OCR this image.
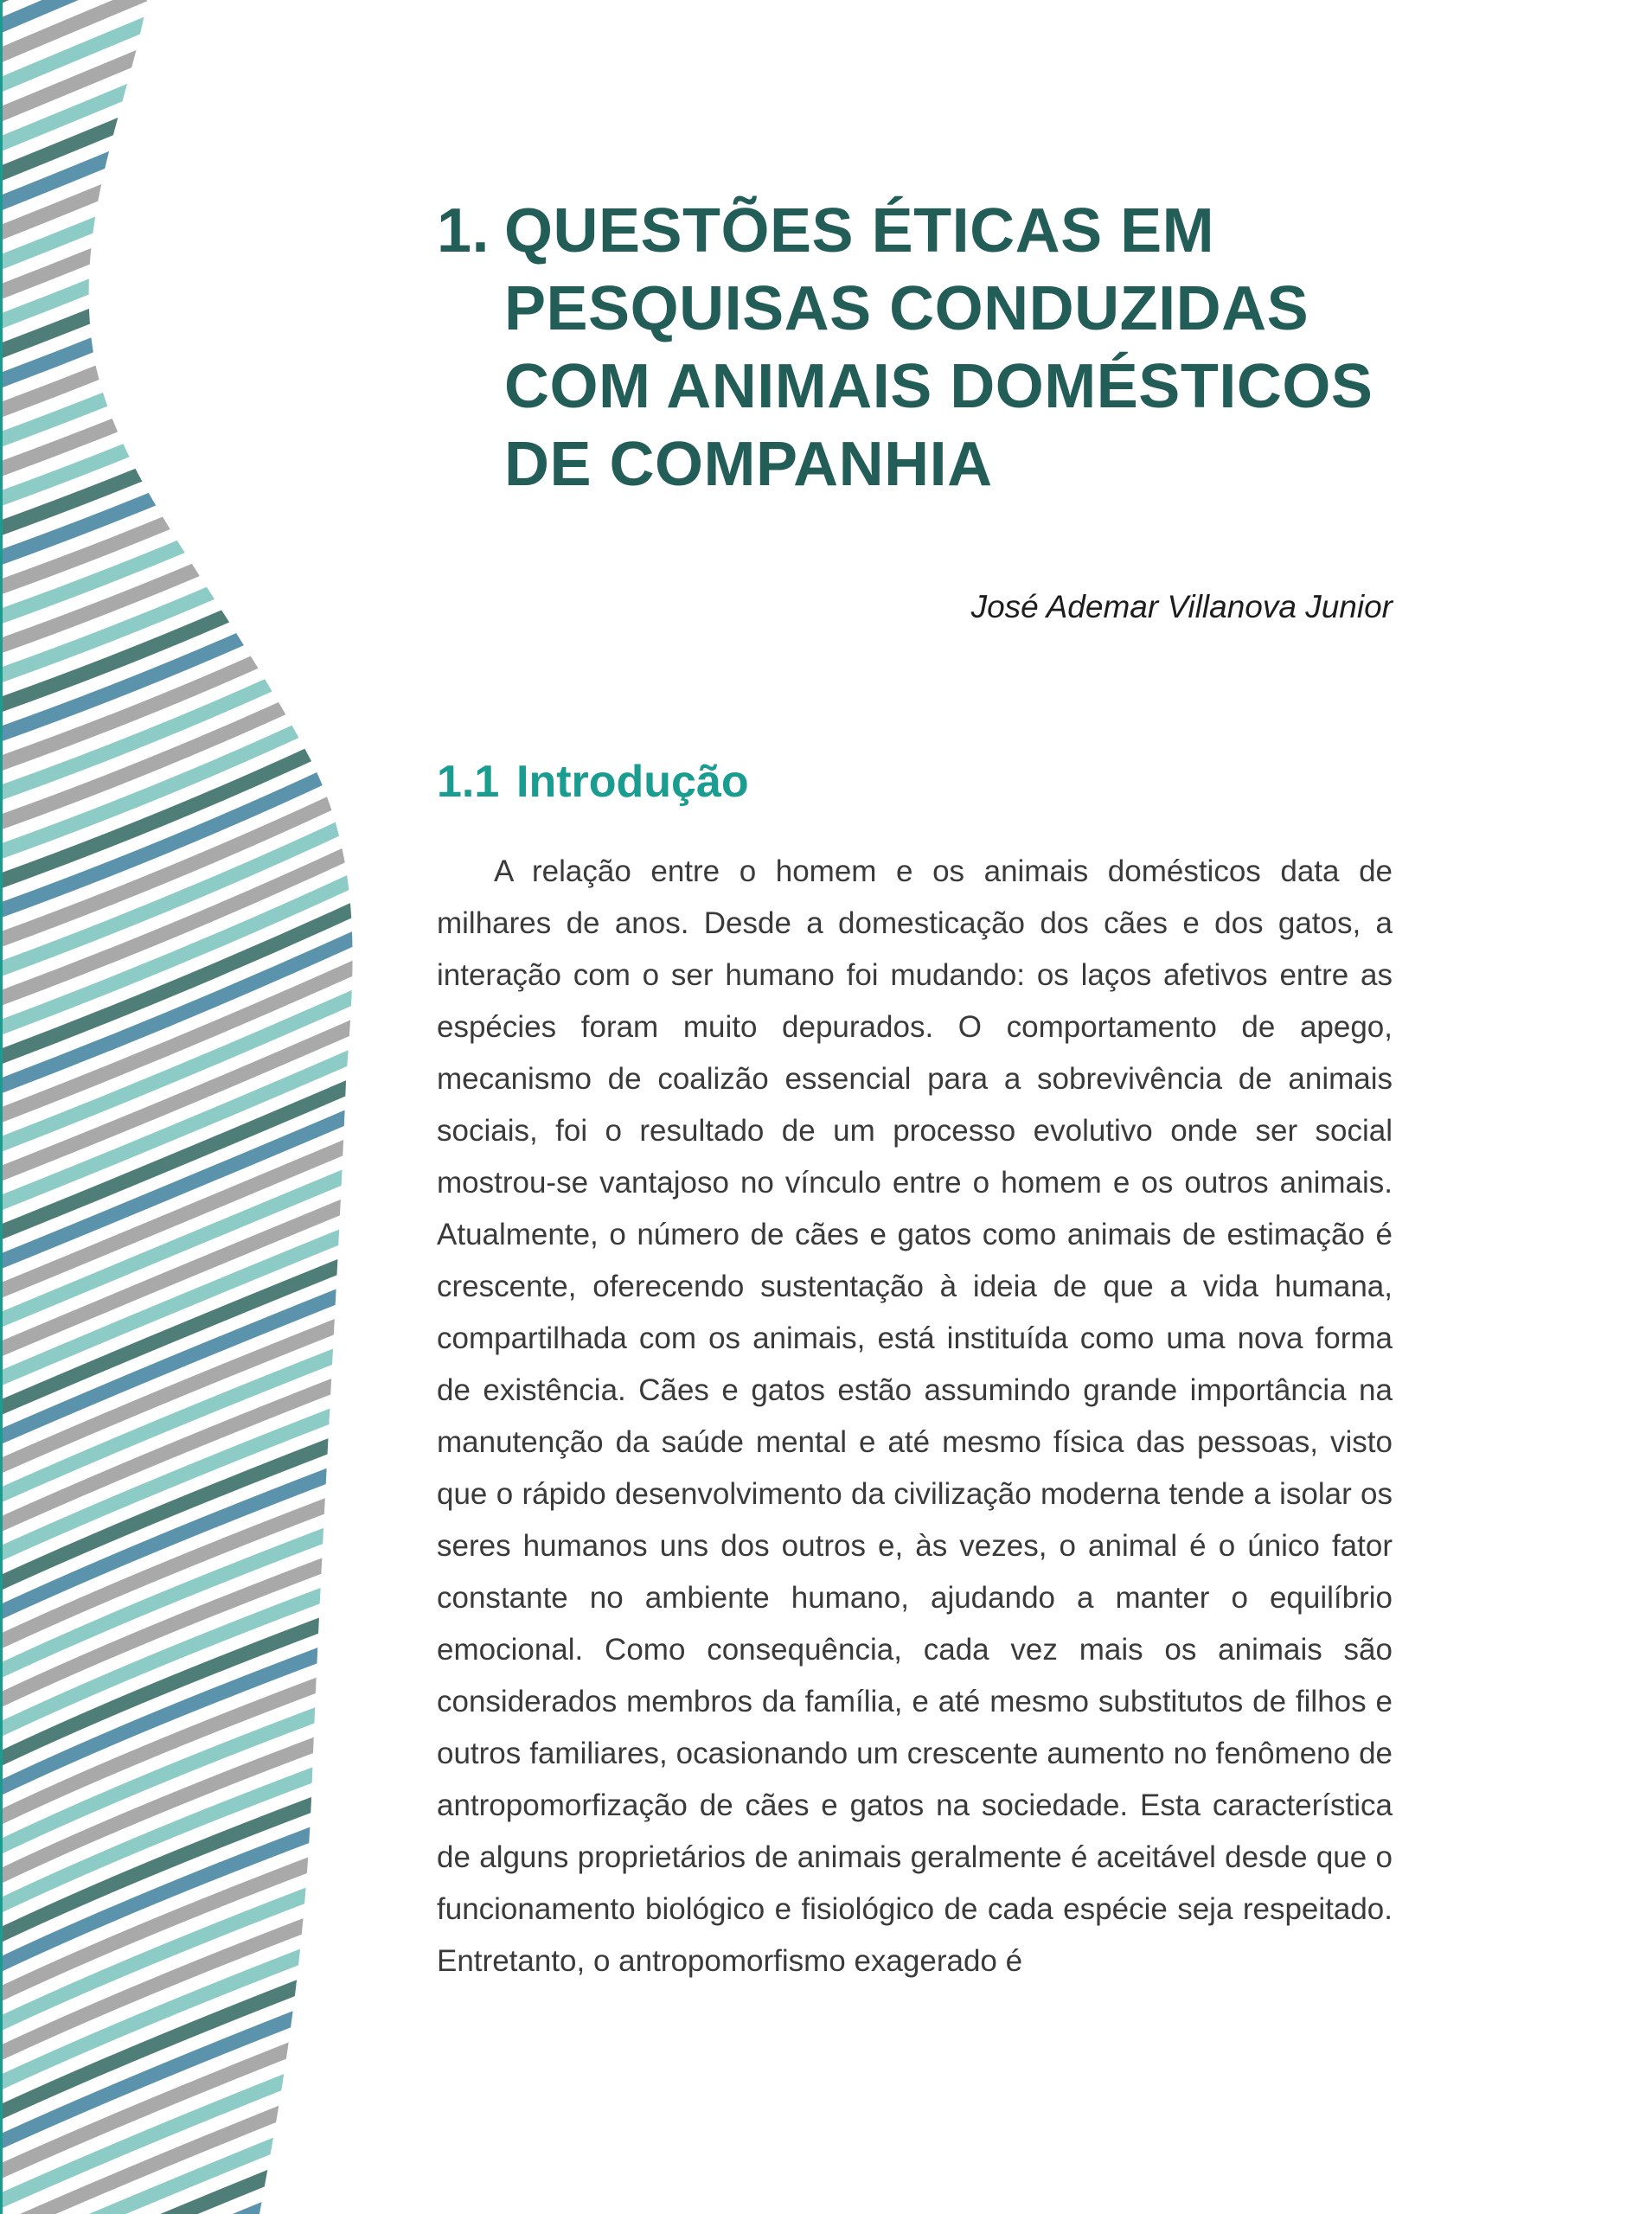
1. QUESTÕES ÉTICAS EM PESQUISAS CONDUZIDAS COM ANIMAIS DOMÉSTICOS DE COMPANHIA

José Ademar Villanova Junior

1.1 Introdução

A relação entre o homem e os animais domésticos data de milhares de anos. Desde a domesticação dos cães e dos gatos, a interação com o ser humano foi mudando: os laços afetivos entre as espécies foram muito depurados. O comportamento de apego, mecanismo de coalizão essencial para a sobrevivência de animais sociais, foi o resultado de um processo evolutivo onde ser social mostrou-se vantajoso no vínculo entre o homem e os outros animais. Atualmente, o número de cães e gatos como animais de estimação é crescente, oferecendo sustentação à ideia de que a vida humana, compartilhada com os animais, está instituída como uma nova forma de existência. Cães e gatos estão assumindo grande importância na manutenção da saúde mental e até mesmo física das pessoas, visto que o rápido desenvolvimento da civilização moderna tende a isolar os seres humanos uns dos outros e, às vezes, o animal é o único fator constante no ambiente humano, ajudando a manter o equilíbrio emocional. Como consequência, cada vez mais os animais são considerados membros da família, e até mesmo substitutos de filhos e outros familiares, ocasionando um crescente aumento no fenômeno de antropomorfização de cães e gatos na sociedade. Esta característica de alguns proprietários de animais geralmente é aceitável desde que o funcionamento biológico e fisiológico de cada espécie seja respeitado. Entretanto, o antropomorfismo exagerado é
